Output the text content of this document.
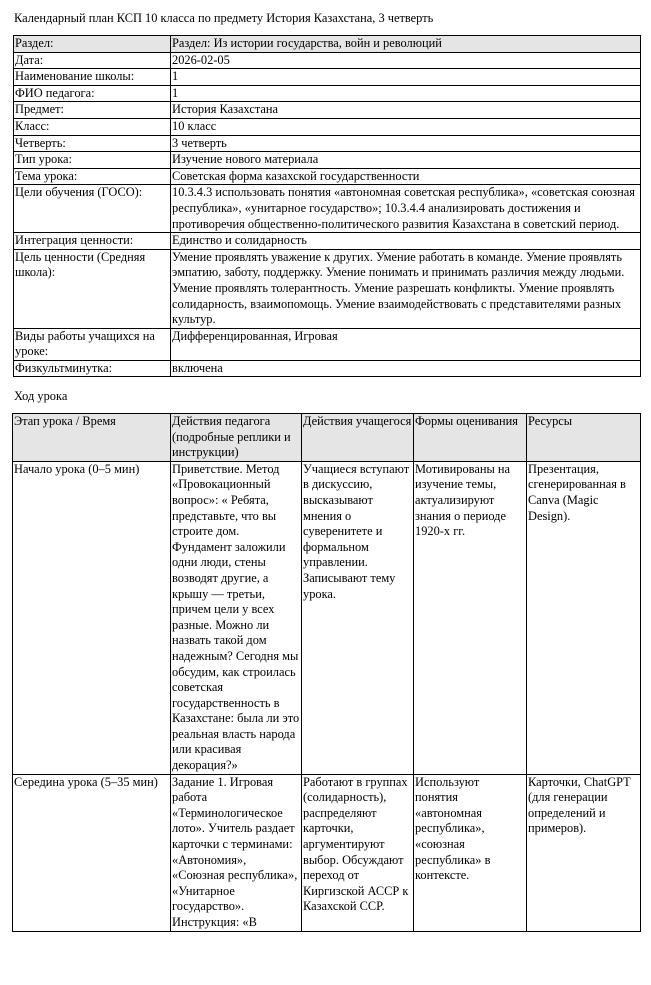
Календарный план КСП 10 класса по предмету История Казахстана, 3 четверть
Раздел:	Раздел: Из истории государства, войн и революций
Дата:	2026-02-05
Наименование школы:	1
ФИО педагога:	1
Предмет:	История Казахстана
Класс:	10 класс
Четверть:	3 четверть
Тип урока:	Изучение нового материала
Тема урока:	Советская форма казахской государственности
Цели обучения (ГОСО):	10.3.4.3 использовать понятия «автономная советская республика», «советская союзная республика», «унитарное государство»; 10.3.4.4 анализировать достижения и противоречия общественно-политического развития Казахстана в советский период.
Интеграция ценности:	Единство и солидарность
Цель ценности (Средняя школа):	Умение проявлять уважение к других. Умение работать в команде. Умение проявлять эмпатию, заботу, поддержку. Умение понимать и принимать различия между людьми. Умение проявлять толерантность. Умение разрешать конфликты. Умение проявлять солидарность, взаимопомощь. Умение взаимодействовать с представителями разных культур.
Виды работы учащихся на уроке:	Дифференцированная, Игровая
Физкультминутка:	включена
Ход урока
Этап урока / Время	Действия педагога (подробные реплики и инструкции)	Действия учащегося	Формы оценивания	Ресурсы
Начало урока (0–5 мин)	Приветствие. Метод «Провокационный вопрос»: « Ребята, представьте, что вы строите дом. Фундамент заложили одни люди, стены возводят другие, а крышу — третьи, причем цели у всех разные. Можно ли назвать такой дом надежным? Сегодня мы обсудим, как строилась советская государственность в Казахстане: была ли это реальная власть народа или красивая декорация?»	Учащиеся вступают в дискуссию, высказывают мнения о суверенитете и формальном управлении. Записывают тему урока.	Мотивированы на изучение темы, актуализируют знания о периоде 1920-х гг.	Презентация, сгенерированная в Canva (Magic Design).
Середина урока (5–35 мин)	Задание 1. Игровая работа «Терминологическое лото». Учитель раздает карточки с терминами: «Автономия», «Союзная республика», «Унитарное государство». Инструкция: «В	Работают в группах (солидарность), распределяют карточки, аргументируют выбор. Обсуждают переход от Киргизской АССР к Казахской ССР.	Используют понятия «автономная республика», «союзная республика» в контексте.	Карточки, ChatGPT (для генерации определений и примеров).
